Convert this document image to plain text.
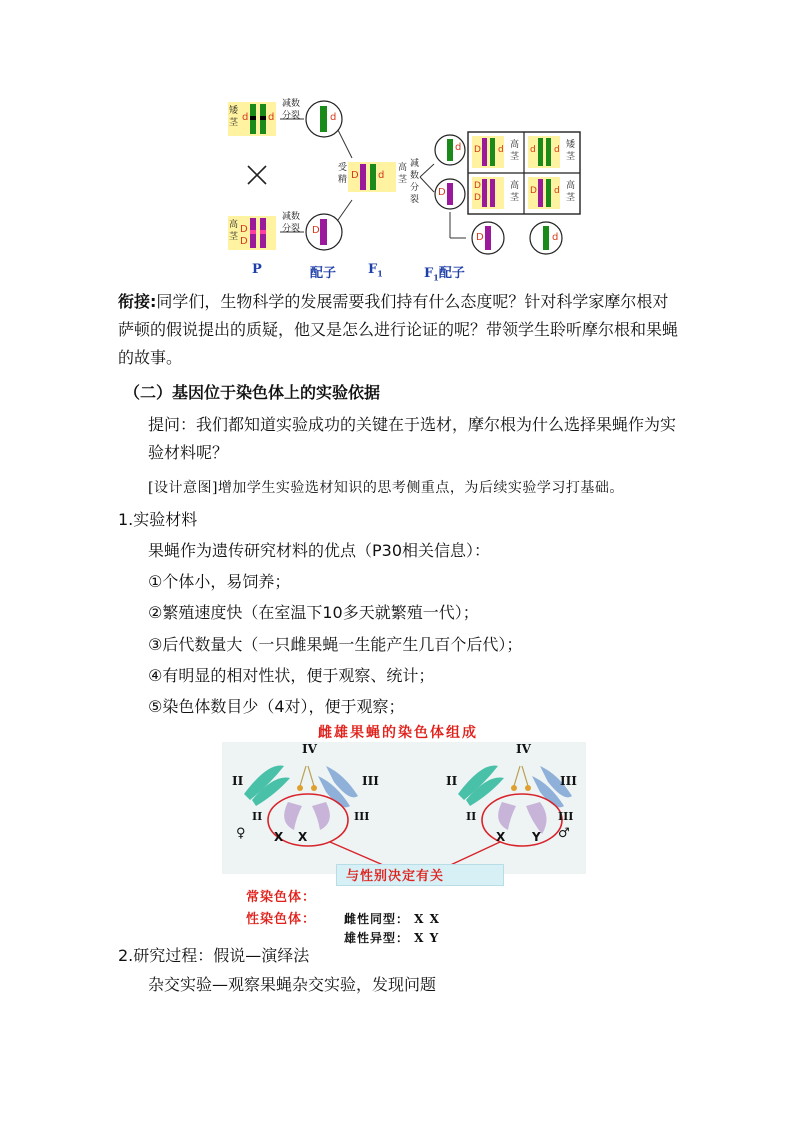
矮茎 d d
减数分裂	d
高茎
D
D
减数分裂	D
受精 D d
高茎
减数分裂
d
D
D d 高茎
d d 矮茎
D
D
高茎
D d 高茎
D	d
P	配子 $F_1$	$F_1$配子
衔接:同学们，生物科学的发展需要我们持有什么态度呢？针对科学家摩尔根对萨顿的假说提出的质疑，他又是怎么进行论证的呢？带领学生聆听摩尔根和果蝇的故事。
（二）基因位于染色体上的实验依据
提问：我们都知道实验成功的关键在于选材，摩尔根为什么选择果蝇作为实验材料呢？
[设计意图]增加学生实验选材知识的思考侧重点，为后续实验学习打基础。
1.实验材料
果蝇作为遗传研究材料的优点（P30相关信息）：
①个体小，易饲养；
②繁殖速度快（在室温下10多天就繁殖一代）；
③后代数量大（一只雌果蝇一生能产生几百个后代）；
④有明显的相对性状，便于观察、统计；
⑤染色体数目少（4对），便于观察；
雌雄果蝇的染色体组成
IV
II	III
II	III
♀ X X
IV
II	III
II	III
X Y ♂
与性别决定有关
常染色体：
性染色体： 雌性同型： X X
雄性异型： X Y
2.研究过程：假说—演绎法
杂交实验—观察果蝇杂交实验，发现问题
